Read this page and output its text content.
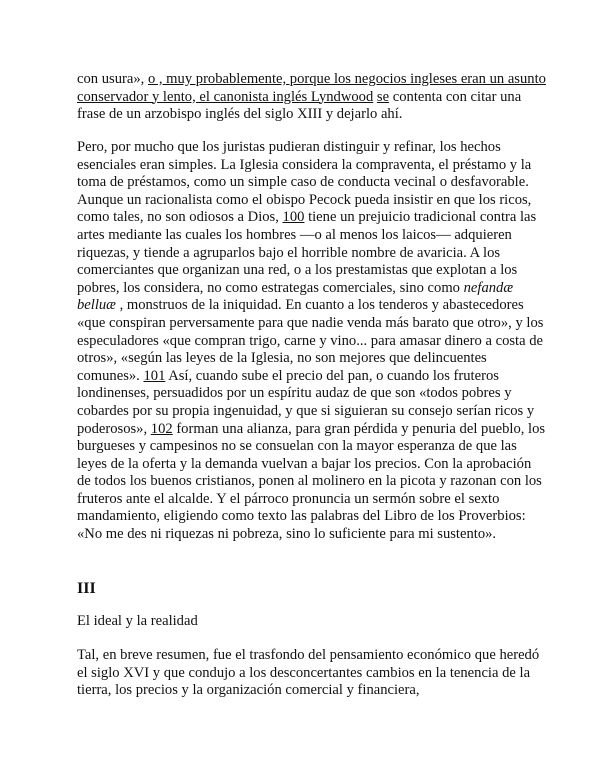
con usura», o , muy probablemente, porque los negocios ingleses eran un asunto conservador y lento, el canonista inglés Lyndwood se contenta con citar una frase de un arzobispo inglés del siglo XIII y dejarlo ahí.
Pero, por mucho que los juristas pudieran distinguir y refinar, los hechos esenciales eran simples. La Iglesia considera la compraventa, el préstamo y la toma de préstamos, como un simple caso de conducta vecinal o desfavorable. Aunque un racionalista como el obispo Pecock pueda insistir en que los ricos, como tales, no son odiosos a Dios, 100 tiene un prejuicio tradicional contra las artes mediante las cuales los hombres —o al menos los laicos— adquieren riquezas, y tiende a agruparlos bajo el horrible nombre de avaricia. A los comerciantes que organizan una red, o a los prestamistas que explotan a los pobres, los considera, no como estrategas comerciales, sino como nefandæ belluæ , monstruos de la iniquidad. En cuanto a los tenderos y abastecedores «que conspiran perversamente para que nadie venda más barato que otro», y los especuladores «que compran trigo, carne y vino... para amasar dinero a costa de otros», «según las leyes de la Iglesia, no son mejores que delincuentes comunes». 101 Así, cuando sube el precio del pan, o cuando los fruteros londinenses, persuadidos por un espíritu audaz de que son «todos pobres y cobardes por su propia ingenuidad, y que si siguieran su consejo serían ricos y poderosos», 102 forman una alianza, para gran pérdida y penuria del pueblo, los burgueses y campesinos no se consuelan con la mayor esperanza de que las leyes de la oferta y la demanda vuelvan a bajar los precios. Con la aprobación de todos los buenos cristianos, ponen al molinero en la picota y razonan con los fruteros ante el alcalde. Y el párroco pronuncia un sermón sobre el sexto mandamiento, eligiendo como texto las palabras del Libro de los Proverbios: «No me des ni riquezas ni pobreza, sino lo suficiente para mi sustento».
III
El ideal y la realidad
Tal, en breve resumen, fue el trasfondo del pensamiento económico que heredó el siglo XVI y que condujo a los desconcertantes cambios en la tenencia de la tierra, los precios y la organización comercial y financiera,
